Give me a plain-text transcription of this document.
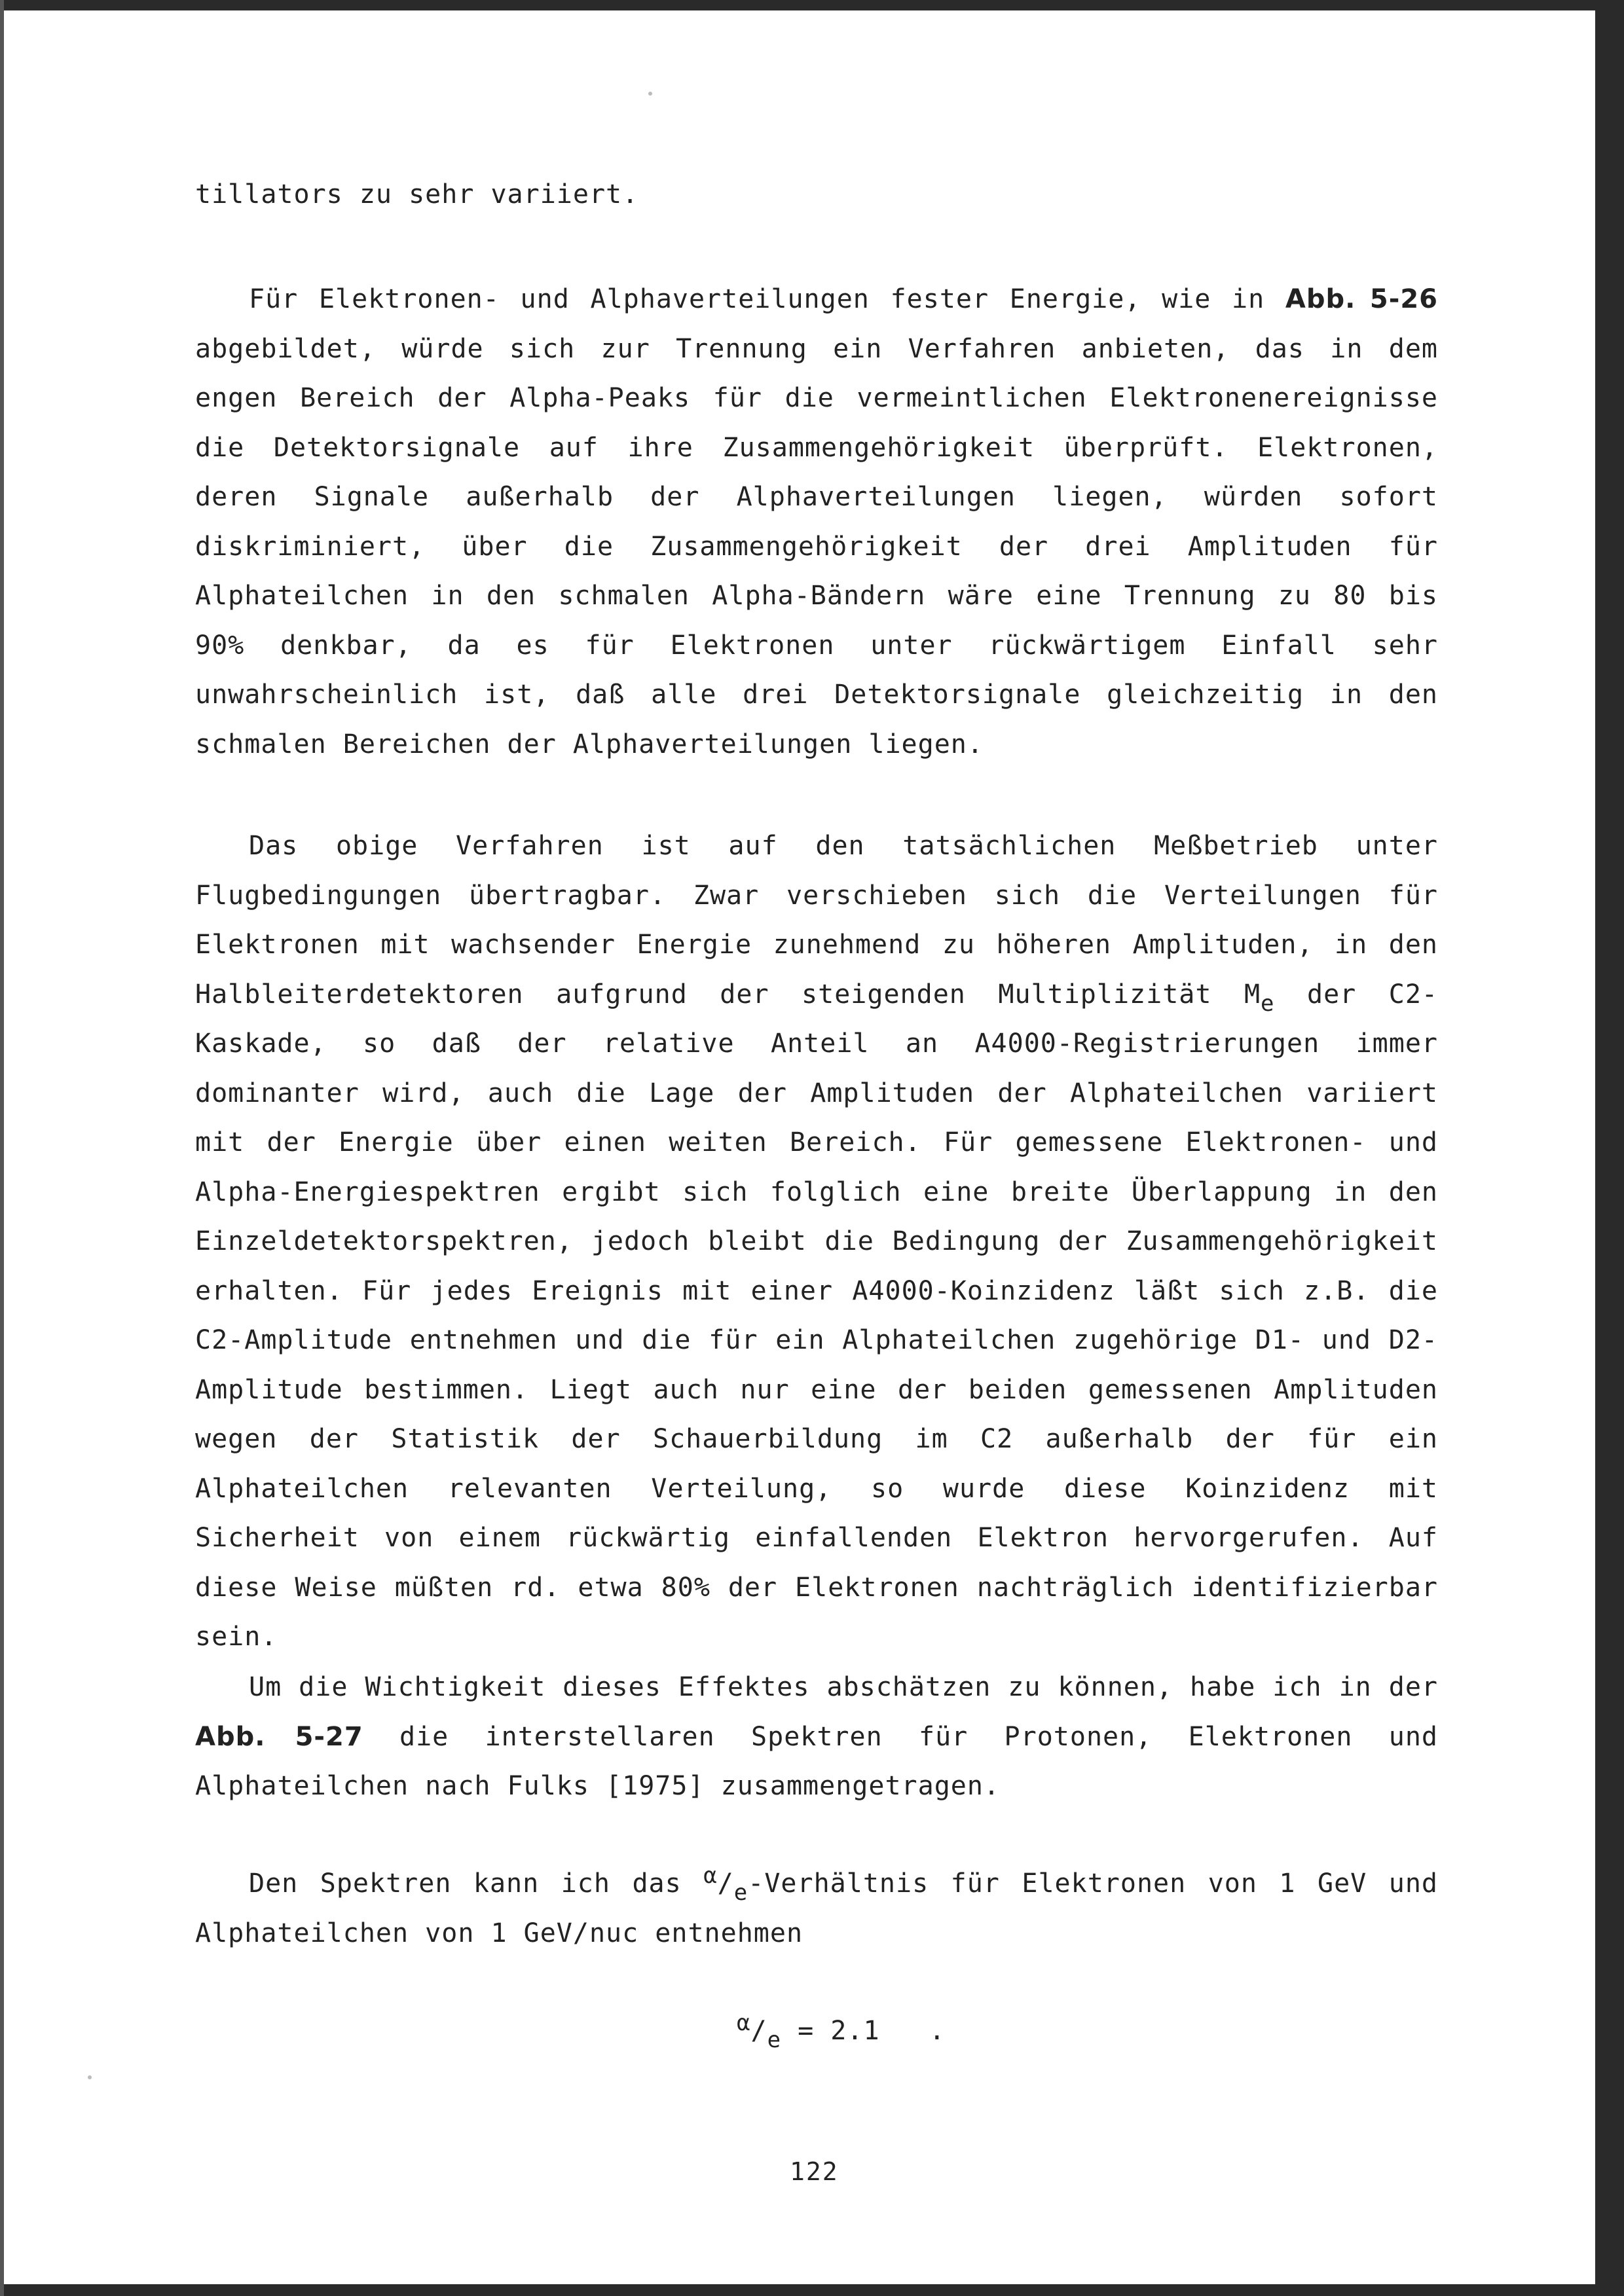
tillators zu sehr variiert.

Für Elektronen- und Alphaverteilungen fester Energie, wie in Abb. 5-26 abgebildet, würde sich zur Trennung ein Verfahren anbieten, das in dem engen Bereich der Alpha-Peaks für die vermeintlichen Elektronenereignisse die Detektorsignale auf ihre Zusammengehörigkeit überprüft. Elektronen, deren Signale außerhalb der Alphaverteilungen liegen, würden sofort diskriminiert, über die Zusammengehörigkeit der drei Amplituden für Alphateilchen in den schmalen Alpha-Bändern wäre eine Trennung zu 80 bis 90% denkbar, da es für Elektronen unter rückwärtigem Einfall sehr unwahrscheinlich ist, daß alle drei Detektorsignale gleichzeitig in den schmalen Bereichen der Alphaverteilungen liegen.

Das obige Verfahren ist auf den tatsächlichen Meßbetrieb unter Flugbedingungen übertragbar. Zwar verschieben sich die Verteilungen für Elektronen mit wachsender Energie zunehmend zu höheren Amplituden, in den Halbleiterdetektoren aufgrund der steigenden Multiplizität $M_e$ der C2-Kaskade, so daß der relative Anteil an A4000-Registrierungen immer dominanter wird, auch die Lage der Amplituden der Alphateilchen variiert mit der Energie über einen weiten Bereich. Für gemessene Elektronen- und Alpha-Energiespektren ergibt sich folglich eine breite Überlappung in den Einzeldetektorspektren, jedoch bleibt die Bedingung der Zusammengehörigkeit erhalten. Für jedes Ereignis mit einer A4000-Koinzidenz läßt sich z.B. die C2-Amplitude entnehmen und die für ein Alphateilchen zugehörige D1- und D2-Amplitude bestimmen. Liegt auch nur eine der beiden gemessenen Amplituden wegen der Statistik der Schauerbildung im C2 außerhalb der für ein Alphateilchen relevanten Verteilung, so wurde diese Koinzidenz mit Sicherheit von einem rückwärtig einfallenden Elektron hervorgerufen. Auf diese Weise müßten rd. etwa 80% der Elektronen nachträglich identifizierbar sein.

Um die Wichtigkeit dieses Effektes abschätzen zu können, habe ich in der Abb. 5-27 die interstellaren Spektren für Protonen, Elektronen und Alphateilchen nach Fulks [1975] zusammengetragen.

Den Spektren kann ich das $^\alpha/_e$-Verhältnis für Elektronen von 1 GeV und Alphateilchen von 1 GeV/nuc entnehmen

$^\alpha/_e = 2.1$   .
122
